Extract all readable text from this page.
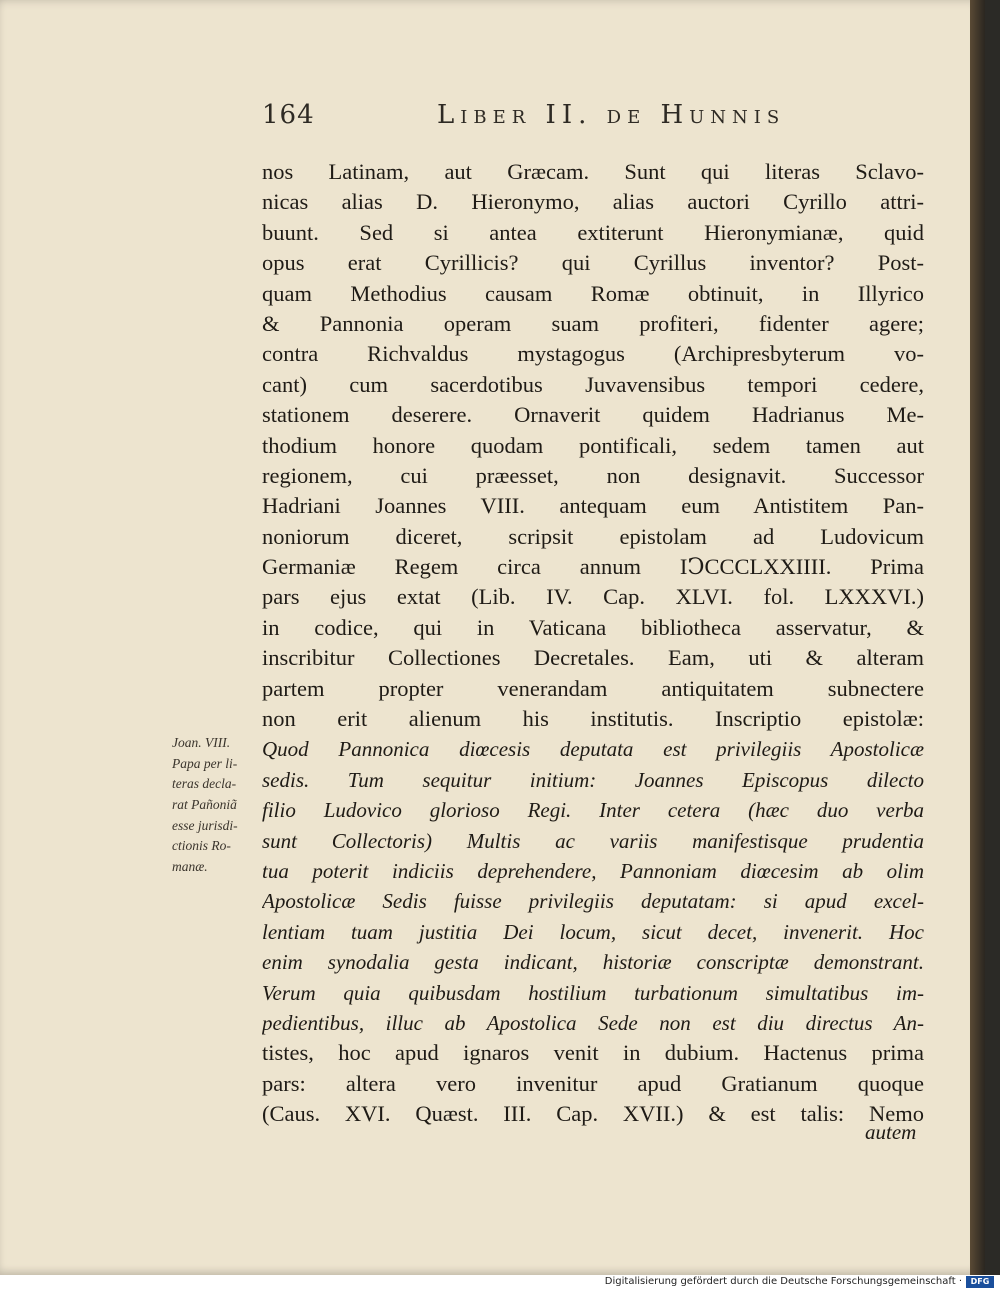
164	Liber II. de Hunnis
nos Latinam, aut Græcam. Sunt qui literas Sclavo-
nicas alias D. Hieronymo, alias auctori Cyrillo attri-
buunt. Sed si antea extiterunt Hieronymianæ, quid
opus erat Cyrillicis? qui Cyrillus inventor? Post-
quam Methodius causam Romæ obtinuit, in Illyrico
& Pannonia operam suam profiteri, fidenter agere;
contra Richvaldus mystagogus (Archipresbyterum vo-
cant) cum sacerdotibus Juvavensibus tempori cedere,
stationem deserere. Ornaverit quidem Hadrianus Me-
thodium honore quodam pontificali, sedem tamen aut
regionem, cui præesset, non designavit. Successor
Hadriani Joannes VIII. antequam eum Antistitem Pan-
noniorum diceret, scripsit epistolam ad Ludovicum
Germaniæ Regem circa annum IↃCCCLXXIIII. Prima
pars ejus extat (Lib. IV. Cap. XLVI. fol. LXXXVI.)
in codice, qui in Vaticana bibliotheca asservatur, &
inscribitur Collectiones Decretales. Eam, uti & alteram
partem propter venerandam antiquitatem subnectere
non erit alienum his institutis. Inscriptio epistolæ:
Quod Pannonica diœcesis deputata est privilegiis Apostolicæ
sedis. Tum sequitur initium: Joannes Episcopus dilecto
filio Ludovico glorioso Regi. Inter cetera (hæc duo verba
sunt Collectoris) Multis ac variis manifestisque prudentia
tua poterit indiciis deprehendere, Pannoniam diœcesim ab olim
Apostolicæ Sedis fuisse privilegiis deputatam: si apud excel-
lentiam tuam justitia Dei locum, sicut decet, invenerit. Hoc
enim synodalia gesta indicant, historiæ conscriptæ demonstrant.
Verum quia quibusdam hostilium turbationum simultatibus im-
pedientibus, illuc ab Apostolica Sede non est diu directus An-
tistes, hoc apud ignaros venit in dubium. Hactenus prima
pars: altera vero invenitur apud Gratianum quoque
(Caus. XVI. Quæst. III. Cap. XVII.) & est talis: Nemo
autem
Joan. VIII.
Papa per li-
teras decla-
rat Pañoniã
esse jurisdi-
ctionis Ro-
manæ.
Digitalisierung gefördert durch die Deutsche Forschungsgemeinschaft ·	DFG
